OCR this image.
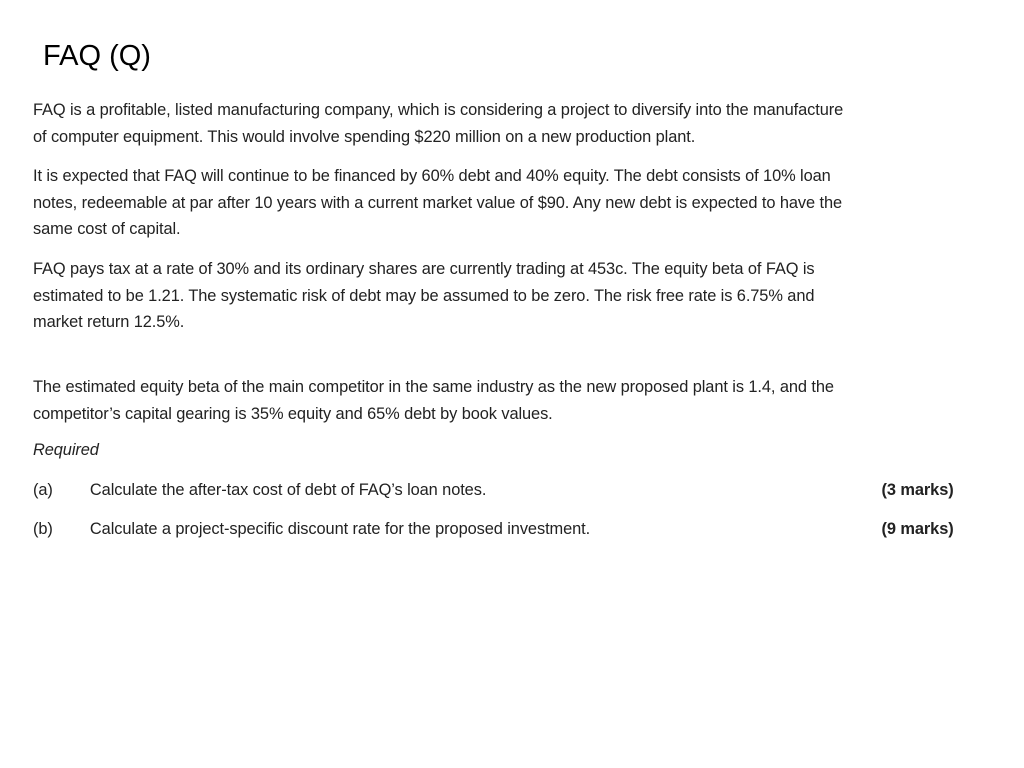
FAQ (Q)

FAQ is a profitable, listed manufacturing company, which is considering a project to diversify into the manufacture
of computer equipment. This would involve spending $220 million on a new production plant.

It is expected that FAQ will continue to be financed by 60% debt and 40% equity. The debt consists of 10% loan
notes, redeemable at par after 10 years with a current market value of $90. Any new debt is expected to have the
same cost of capital.

FAQ pays tax at a rate of 30% and its ordinary shares are currently trading at 453c. The equity beta of FAQ is
estimated to be 1.21. The systematic risk of debt may be assumed to be zero. The risk free rate is 6.75% and
market return 12.5%.

The estimated equity beta of the main competitor in the same industry as the new proposed plant is 1.4, and the
competitor’s capital gearing is 35% equity and 65% debt by book values.

Required
(a) Calculate the after-tax cost of debt of FAQ’s loan notes.	(3 marks)
(b) Calculate a project-specific discount rate for the proposed investment.	(9 marks)
